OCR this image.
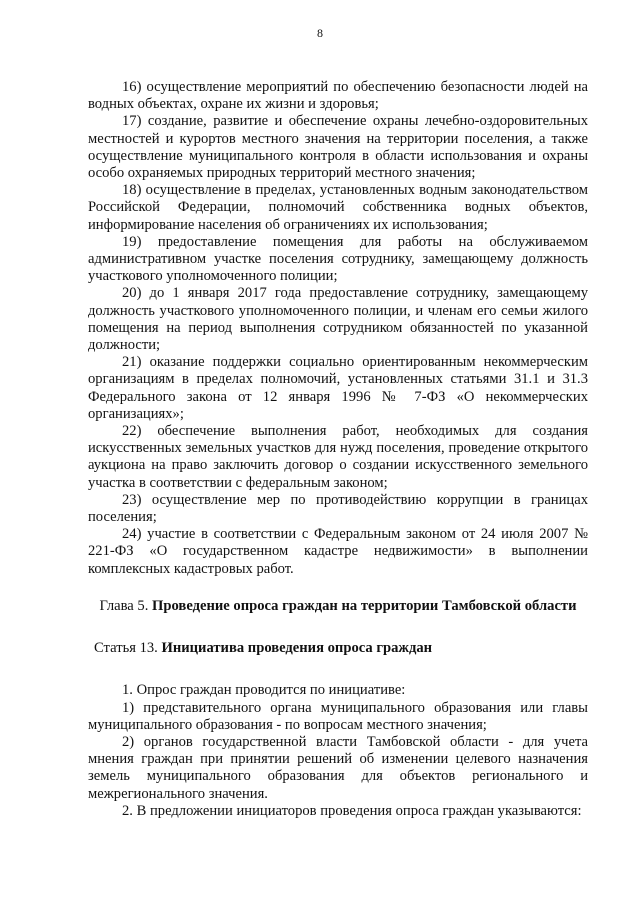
8

16) осуществление мероприятий по обеспечению безопасности людей на водных объектах, охране их жизни и здоровья;

17) создание, развитие и обеспечение охраны лечебно-оздоровительных местностей и курортов местного значения на территории поселения, а также осуществление муниципального контроля в области использования и охраны особо охраняемых природных территорий местного значения;

18) осуществление в пределах, установленных водным законодательством Российской Федерации, полномочий собственника водных объектов, информирование населения об ограничениях их использования;

19) предоставление помещения для работы на обслуживаемом административном участке поселения сотруднику, замещающему должность участкового уполномоченного полиции;

20) до 1 января 2017 года предоставление сотруднику, замещающему должность участкового уполномоченного полиции, и членам его семьи жилого помещения на период выполнения сотрудником обязанностей по указанной должности;

21) оказание поддержки социально ориентированным некоммерческим организациям в пределах полномочий, установленных статьями 31.1 и 31.3 Федерального закона от 12 января 1996 № 7-ФЗ «О некоммерческих организациях»;

22) обеспечение выполнения работ, необходимых для создания искусственных земельных участков для нужд поселения, проведение открытого аукциона на право заключить договор о создании искусственного земельного участка в соответствии с федеральным законом;

23) осуществление мер по противодействию коррупции в границах поселения;

24) участие в соответствии с Федеральным законом от 24 июля 2007 № 221-ФЗ «О государственном кадастре недвижимости» в выполнении комплексных кадастровых работ.

Глава 5. Проведение опроса граждан на территории Тамбовской области

Статья 13. Инициатива проведения опроса граждан

1. Опрос граждан проводится по инициативе:

1) представительного органа муниципального образования или главы муниципального образования - по вопросам местного значения;

2) органов государственной власти Тамбовской области - для учета мнения граждан при принятии решений об изменении целевого назначения земель муниципального образования для объектов регионального и межрегионального значения.

2. В предложении инициаторов проведения опроса граждан указываются:
